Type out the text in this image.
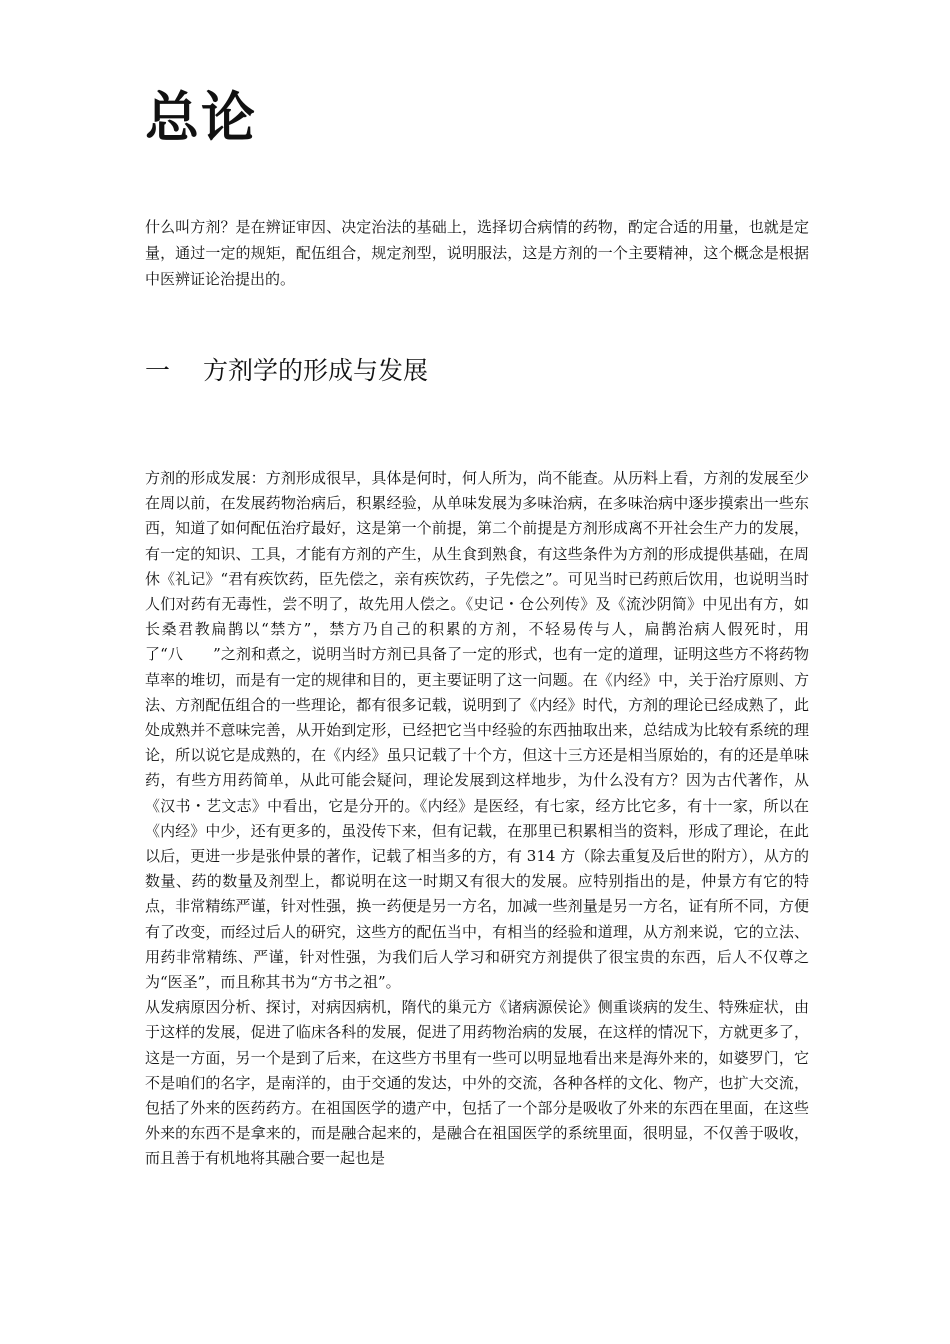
总论

什么叫方剂？是在辨证审因、决定治法的基础上，选择切合病情的药物，酌定合适的用量，也就是定量，通过一定的规矩，配伍组合，规定剂型，说明服法，这是方剂的一个主要精神，这个概念是根据中医辨证论治提出的。

一 方剂学的形成与发展

方剂的形成发展：方剂形成很早，具体是何时，何人所为，尚不能查。从历料上看，方剂的发展至少在周以前，在发展药物治病后，积累经验，从单味发展为多味治病，在多味治病中逐步摸索出一些东西，知道了如何配伍治疗最好，这是第一个前提，第二个前提是方剂形成离不开社会生产力的发展，有一定的知识、工具，才能有方剂的产生，从生食到熟食，有这些条件为方剂的形成提供基础，在周休《礼记》“君有疾饮药，臣先偿之，亲有疾饮药，子先偿之”。可见当时已药煎后饮用，也说明当时人们对药有无毒性，尝不明了，故先用人偿之。《史记・仓公列传》及《流沙阴简》中见出有方，如长桑君教扁鹊以“禁方”，禁方乃自己的积累的方剂，不轻易传与人，扁鹊治病人假死时，用了“八　　”之剂和煮之，说明当时方剂已具备了一定的形式，也有一定的道理，证明这些方不将药物草率的堆切，而是有一定的规律和目的，更主要证明了这一问题。在《内经》中，关于治疗原则、方法、方剂配伍组合的一些理论，都有很多记载，说明到了《内经》时代，方剂的理论已经成熟了，此处成熟并不意味完善，从开始到定形，已经把它当中经验的东西抽取出来，总结成为比较有系统的理论，所以说它是成熟的，在《内经》虽只记载了十个方，但这十三方还是相当原始的，有的还是单味药，有些方用药简单，从此可能会疑问，理论发展到这样地步，为什么没有方？因为古代著作，从《汉书・艺文志》中看出，它是分开的。《内经》是医经，有七家，经方比它多，有十一家，所以在《内经》中少，还有更多的，虽没传下来，但有记载，在那里已积累相当的资料，形成了理论，在此以后，更进一步是张仲景的著作，记载了相当多的方，有 314 方（除去重复及后世的附方），从方的数量、药的数量及剂型上，都说明在这一时期又有很大的发展。应特别指出的是，仲景方有它的特点，非常精练严谨，针对性强，换一药便是另一方名，加减一些剂量是另一方名，证有所不同，方便有了改变，而经过后人的研究，这些方的配伍当中，有相当的经验和道理，从方剂来说，它的立法、用药非常精练、严谨，针对性强，为我们后人学习和研究方剂提供了很宝贵的东西，后人不仅尊之为“医圣”，而且称其书为“方书之祖”。

从发病原因分析、探讨，对病因病机，隋代的巢元方《诸病源侯论》侧重谈病的发生、特殊症状，由于这样的发展，促进了临床各科的发展，促进了用药物治病的发展，在这样的情况下，方就更多了，这是一方面，另一个是到了后来，在这些方书里有一些可以明显地看出来是海外来的，如婆罗门，它不是咱们的名字，是南洋的，由于交通的发达，中外的交流，各种各样的文化、物产，也扩大交流，包括了外来的医药药方。在祖国医学的遗产中，包括了一个部分是吸收了外来的东西在里面，在这些外来的东西不是拿来的，而是融合起来的，是融合在祖国医学的系统里面，很明显，不仅善于吸收，而且善于有机地将其融合要一起也是
